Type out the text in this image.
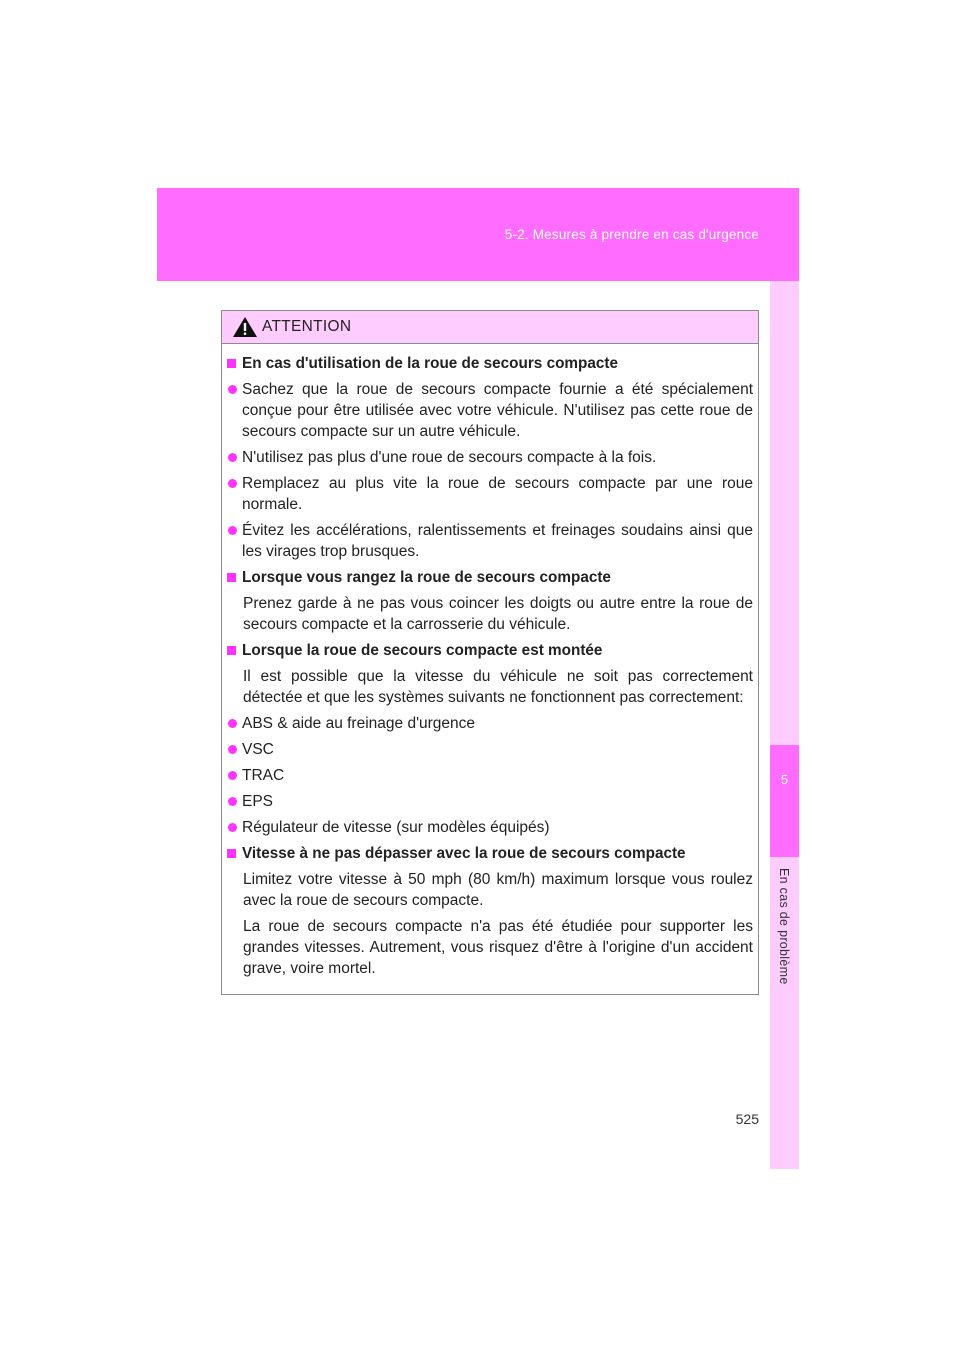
5-2. Mesures à prendre en cas d'urgence
5
En cas de problème
ATTENTION
En cas d'utilisation de la roue de secours compacte
Sachez que la roue de secours compacte fournie a été spécialement conçue pour être utilisée avec votre véhicule. N'utilisez pas cette roue de secours compacte sur un autre véhicule.
N'utilisez pas plus d'une roue de secours compacte à la fois.
Remplacez au plus vite la roue de secours compacte par une roue normale.
Évitez les accélérations, ralentissements et freinages soudains ainsi que les virages trop brusques.
Lorsque vous rangez la roue de secours compacte
Prenez garde à ne pas vous coincer les doigts ou autre entre la roue de secours compacte et la carrosserie du véhicule.
Lorsque la roue de secours compacte est montée
Il est possible que la vitesse du véhicule ne soit pas correctement détectée et que les systèmes suivants ne fonctionnent pas correctement:
ABS & aide au freinage d'urgence
VSC
TRAC
EPS
Régulateur de vitesse (sur modèles équipés)
Vitesse à ne pas dépasser avec la roue de secours compacte
Limitez votre vitesse à 50 mph (80 km/h) maximum lorsque vous roulez avec la roue de secours compacte.
La roue de secours compacte n'a pas été étudiée pour supporter les grandes vitesses. Autrement, vous risquez d'être à l'origine d'un accident grave, voire mortel.
525
